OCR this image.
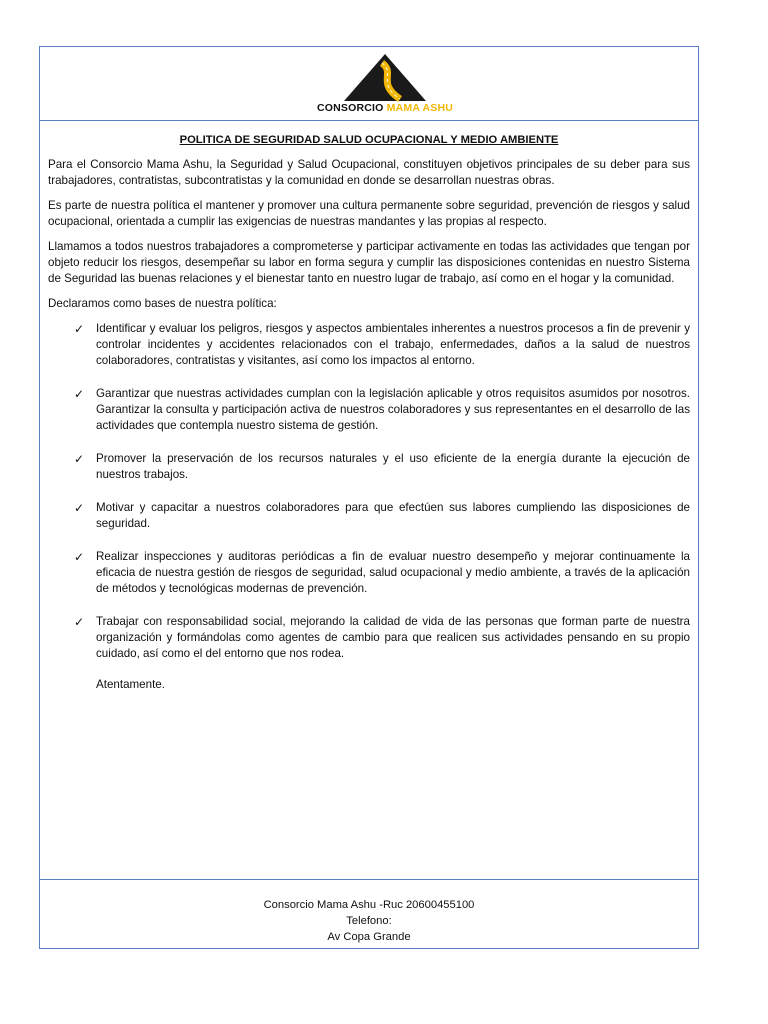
CONSORCIO MAMA ASHU
POLITICA DE SEGURIDAD SALUD OCUPACIONAL Y MEDIO AMBIENTE

Para el Consorcio Mama Ashu, la Seguridad y Salud Ocupacional, constituyen objetivos principales de su deber para sus trabajadores, contratistas, subcontratistas y la comunidad en donde se desarrollan nuestras obras.

Es parte de nuestra política el mantener y promover una cultura permanente sobre seguridad, prevención de riesgos y salud ocupacional, orientada a cumplir las exigencias de nuestras mandantes y las propias al respecto.

Llamamos a todos nuestros trabajadores a comprometerse y participar activamente en todas las actividades que tengan por objeto reducir los riesgos, desempeñar su labor en forma segura y cumplir las disposiciones contenidas en nuestro Sistema de Seguridad las buenas relaciones y el bienestar tanto en nuestro lugar de trabajo, así como en el hogar y la comunidad.

Declaramos como bases de nuestra política:

✓	Identificar y evaluar los peligros, riesgos y aspectos ambientales inherentes a nuestros procesos a fin de prevenir y controlar incidentes y accidentes relacionados con el trabajo, enfermedades, daños a la salud de nuestros colaboradores, contratistas y visitantes, así como los impactos al entorno.
✓	Garantizar que nuestras actividades cumplan con la legislación aplicable y otros requisitos asumidos por nosotros. Garantizar la consulta y participación activa de nuestros colaboradores y sus representantes en el desarrollo de las actividades que contempla nuestro sistema de gestión.
✓	Promover la preservación de los recursos naturales y el uso eficiente de la energía durante la ejecución de nuestros trabajos.
✓	Motivar y capacitar a nuestros colaboradores para que efectúen sus labores cumpliendo las disposiciones de seguridad.
✓	Realizar inspecciones y auditoras periódicas a fin de evaluar nuestro desempeño y mejorar continuamente la eficacia de nuestra gestión de riesgos de seguridad, salud ocupacional y medio ambiente, a través de la aplicación de métodos y tecnológicas modernas de prevención.
✓	Trabajar con responsabilidad social, mejorando la calidad de vida de las personas que forman parte de nuestra organización y formándolas como agentes de cambio para que realicen sus actividades pensando en su propio cuidado, así como el del entorno que nos rodea.
Atentamente.
Consorcio Mama Ashu -Ruc 20600455100
Telefono:
Av Copa Grande
